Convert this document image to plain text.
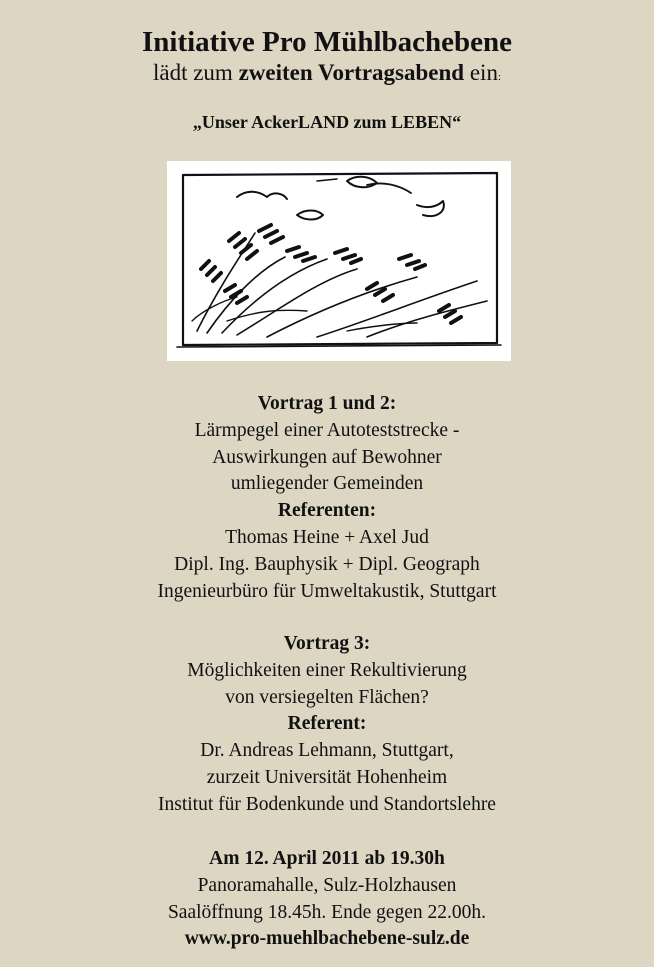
Initiative Pro Mühlbachebene
lädt zum zweiten Vortragsabend ein:
„Unser AckerLAND zum LEBEN“
Vortrag 1 und 2:
Lärmpegel einer Autoteststrecke -
Auswirkungen auf Bewohner
umliegender Gemeinden
Referenten:
Thomas Heine + Axel Jud
Dipl. Ing. Bauphysik + Dipl. Geograph
Ingenieurbüro für Umweltakustik, Stuttgart
Vortrag 3:
Möglichkeiten einer Rekultivierung
von versiegelten Flächen?
Referent:
Dr. Andreas Lehmann, Stuttgart,
zurzeit Universität Hohenheim
Institut für Bodenkunde und Standortslehre
Am 12. April 2011 ab 19.30h
Panoramahalle, Sulz-Holzhausen
Saalöffnung 18.45h. Ende gegen 22.00h.
www.pro-muehlbachebene-sulz.de
